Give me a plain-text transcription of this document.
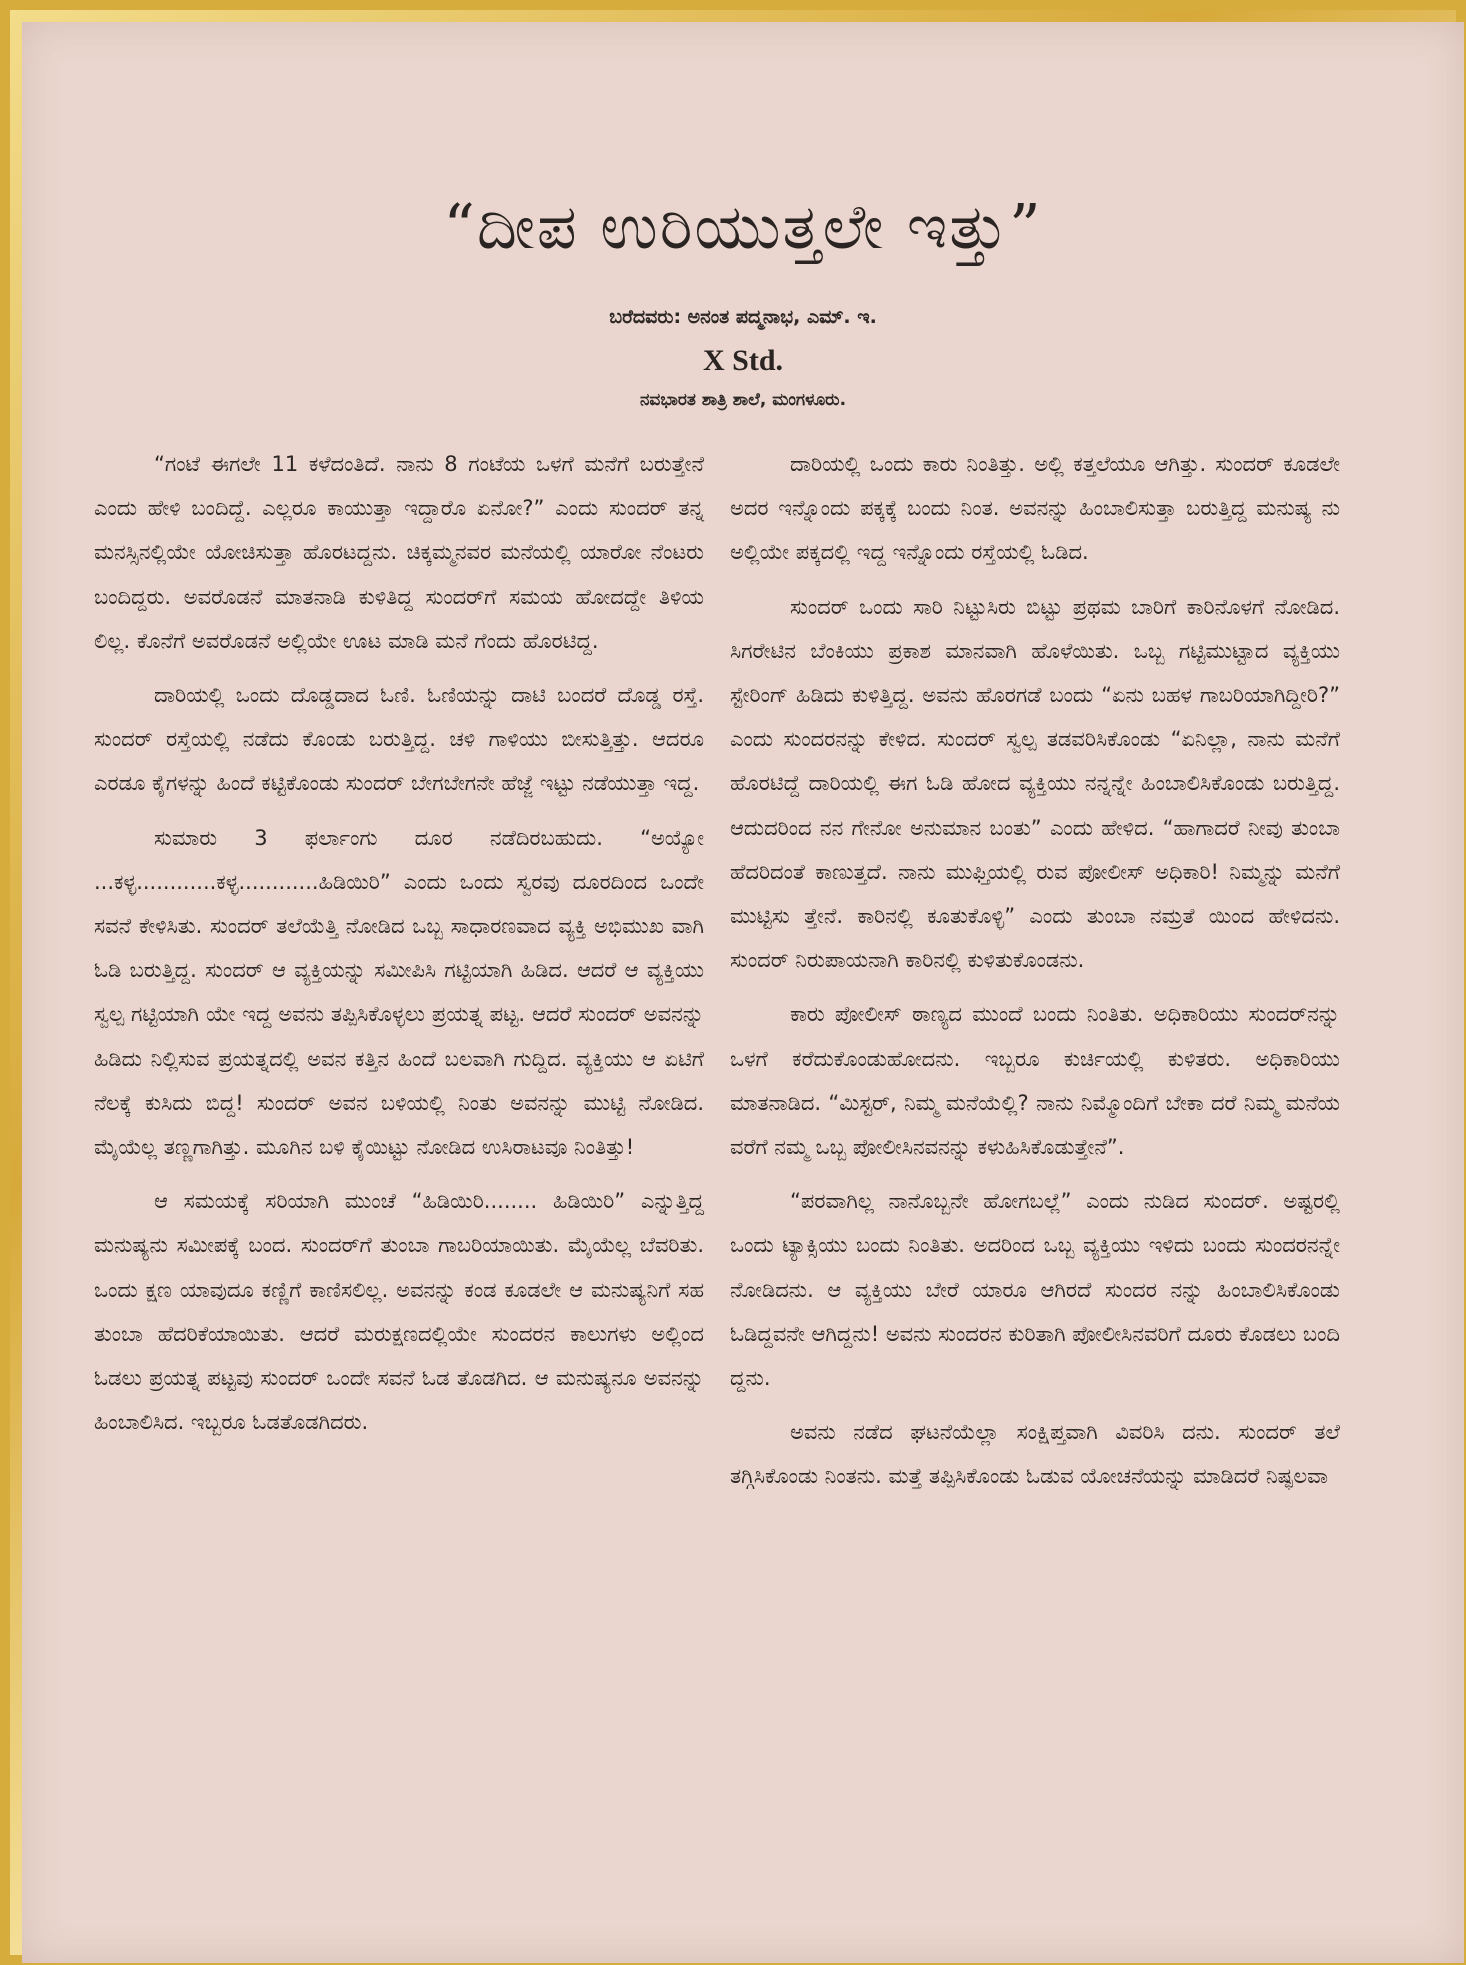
“ದೀಪ ಉರಿಯುತ್ತಲೇ ಇತ್ತು”
ಬರೆದವರು: ಅನಂತ ಪದ್ಮನಾಭ, ಎಮ್. ಇ.
X Std.
ನವಭಾರತ ಶಾತ್ರಿ ಶಾಲೆ, ಮಂಗಳೂರು.

“ಗಂಟೆ ಈಗಲೇ 11 ಕಳೆದಂತಿದೆ. ನಾನು 8 ಗಂಟೆಯ ಒಳಗೆ ಮನೆಗೆ ಬರುತ್ತೇನೆ ಎಂದು ಹೇಳಿ ಬಂದಿದ್ದೆ. ಎಲ್ಲರೂ ಕಾಯುತ್ತಾ ಇದ್ದಾರೊ ಏನೋ?” ಎಂದು ಸುಂದರ್ ತನ್ನ ಮನಸ್ಸಿನಲ್ಲಿಯೇ ಯೋಚಿಸುತ್ತಾ ಹೊರಟದ್ದನು. ಚಿಕ್ಕಮ್ಮನವರ ಮನೆಯಲ್ಲಿ ಯಾರೋ ನೆಂಟರು ಬಂದಿದ್ದರು. ಅವರೊಡನೆ ಮಾತನಾಡಿ ಕುಳಿತಿದ್ದ ಸುಂದರ್‌ಗೆ ಸಮಯ ಹೋದದ್ದೇ ತಿಳಿಯ ಲಿಲ್ಲ. ಕೊನೆಗೆ ಅವರೊಡನೆ ಅಲ್ಲಿಯೇ ಊಟ ಮಾಡಿ ಮನೆ ಗೆಂದು ಹೊರಟಿದ್ದ.

ದಾರಿಯಲ್ಲಿ ಒಂದು ದೊಡ್ಡದಾದ ಓಣಿ. ಓಣಿಯನ್ನು ದಾಟಿ ಬಂದರೆ ದೊಡ್ಡ ರಸ್ತೆ. ಸುಂದರ್ ರಸ್ತೆಯಲ್ಲಿ ನಡೆದು ಕೊಂಡು ಬರುತ್ತಿದ್ದ. ಚಳಿ ಗಾಳಿಯು ಬೀಸುತ್ತಿತ್ತು. ಆದರೂ ಎರಡೂ ಕೈಗಳನ್ನು ಹಿಂದೆ ಕಟ್ಟಿಕೊಂಡು ಸುಂದರ್ ಬೇಗಬೇಗನೇ ಹೆಜ್ಜೆ ಇಟ್ಟು ನಡೆಯುತ್ತಾ ಇದ್ದ.

ಸುಮಾರು 3 ಫರ್ಲಾಂಗು ದೂರ ನಡೆದಿರಬಹುದು. “ಅಯ್ಯೋ ...ಕಳ್ಳ............ಕಳ್ಳ............ಹಿಡಿಯಿರಿ” ಎಂದು ಒಂದು ಸ್ವರವು ದೂರದಿಂದ ಒಂದೇ ಸವನೆ ಕೇಳಿಸಿತು. ಸುಂದರ್ ತಲೆಯೆತ್ತಿ ನೋಡಿದ ಒಬ್ಬ ಸಾಧಾರಣವಾದ ವ್ಯಕ್ತಿ ಅಭಿಮುಖ ವಾಗಿ ಓಡಿ ಬರುತ್ತಿದ್ದ. ಸುಂದರ್ ಆ ವ್ಯಕ್ತಿಯನ್ನು ಸಮೀಪಿಸಿ ಗಟ್ಟಿಯಾಗಿ ಹಿಡಿದ. ಆದರೆ ಆ ವ್ಯಕ್ತಿಯು ಸ್ವಲ್ಪ ಗಟ್ಟಿಯಾಗಿ ಯೇ ಇದ್ದ ಅವನು ತಪ್ಪಿಸಿಕೊಳ್ಳಲು ಪ್ರಯತ್ನ ಪಟ್ಟ. ಆದರೆ ಸುಂದರ್ ಅವನನ್ನು ಹಿಡಿದು ನಿಲ್ಲಿಸುವ ಪ್ರಯತ್ನದಲ್ಲಿ ಅವನ ಕತ್ತಿನ ಹಿಂದೆ ಬಲವಾಗಿ ಗುದ್ದಿದ. ವ್ಯಕ್ತಿಯು ಆ ಏಟಿಗೆ ನೆಲಕ್ಕೆ ಕುಸಿದು ಬಿದ್ದ! ಸುಂದರ್ ಅವನ ಬಳಿಯಲ್ಲಿ ನಿಂತು ಅವನನ್ನು ಮುಟ್ಟಿ ನೋಡಿದ. ಮೈಯೆಲ್ಲ ತಣ್ಣಗಾಗಿತ್ತು. ಮೂಗಿನ ಬಳಿ ಕೈಯಿಟ್ಟು ನೋಡಿದ ಉಸಿರಾಟವೂ ನಿಂತಿತ್ತು!

ಆ ಸಮಯಕ್ಕೆ ಸರಿಯಾಗಿ ಮುಂಚೆ “ಹಿಡಿಯಿರಿ........ ಹಿಡಿಯಿರಿ” ಎನ್ನುತ್ತಿದ್ದ ಮನುಷ್ಯನು ಸಮೀಪಕ್ಕೆ ಬಂದ. ಸುಂದರ್‌ಗೆ ತುಂಬಾ ಗಾಬರಿಯಾಯಿತು. ಮೈಯೆಲ್ಲ ಬೆವರಿತು. ಒಂದು ಕ್ಷಣ ಯಾವುದೂ ಕಣ್ಣಿಗೆ ಕಾಣಿಸಲಿಲ್ಲ. ಅವನನ್ನು ಕಂಡ ಕೂಡಲೇ ಆ ಮನುಷ್ಯನಿಗೆ ಸಹ ತುಂಬಾ ಹೆದರಿಕೆಯಾಯಿತು. ಆದರೆ ಮರುಕ್ಷಣದಲ್ಲಿಯೇ ಸುಂದರನ ಕಾಲುಗಳು ಅಲ್ಲಿಂದ ಓಡಲು ಪ್ರಯತ್ನ ಪಟ್ಟವು ಸುಂದರ್ ಒಂದೇ ಸವನೆ ಓಡ ತೊಡಗಿದ. ಆ ಮನುಷ್ಯನೂ ಅವನನ್ನು ಹಿಂಬಾಲಿಸಿದ. ಇಬ್ಬರೂ ಓಡತೊಡಗಿದರು.

ದಾರಿಯಲ್ಲಿ ಒಂದು ಕಾರು ನಿಂತಿತ್ತು. ಅಲ್ಲಿ ಕತ್ತಲೆಯೂ ಆಗಿತ್ತು. ಸುಂದರ್ ಕೂಡಲೇ ಅದರ ಇನ್ನೊಂದು ಪಕ್ಕಕ್ಕೆ ಬಂದು ನಿಂತ. ಅವನನ್ನು ಹಿಂಬಾಲಿಸುತ್ತಾ ಬರುತ್ತಿದ್ದ ಮನುಷ್ಯ ನು ಅಲ್ಲಿಯೇ ಪಕ್ಕದಲ್ಲಿ ಇದ್ದ ಇನ್ನೊಂದು ರಸ್ತೆಯಲ್ಲಿ ಓಡಿದ.

ಸುಂದರ್ ಒಂದು ಸಾರಿ ನಿಟ್ಟುಸಿರು ಬಿಟ್ಟು ಪ್ರಥಮ ಬಾರಿಗೆ ಕಾರಿನೊಳಗೆ ನೋಡಿದ. ಸಿಗರೇಟಿನ ಬೆಂಕಿಯು ಪ್ರಕಾಶ ಮಾನವಾಗಿ ಹೊಳೆಯಿತು. ಒಬ್ಬ ಗಟ್ಟಿಮುಟ್ಟಾದ ವ್ಯಕ್ತಿಯು ಸ್ಟೇರಿಂಗ್ ಹಿಡಿದು ಕುಳಿತ್ತಿದ್ದ. ಅವನು ಹೊರಗಡೆ ಬಂದು “ಏನು ಬಹಳ ಗಾಬರಿಯಾಗಿದ್ದೀರಿ?” ಎಂದು ಸುಂದರನನ್ನು ಕೇಳಿದ. ಸುಂದರ್ ಸ್ವಲ್ಪ ತಡವರಿಸಿಕೊಂಡು “ಏನಿಲ್ಲಾ, ನಾನು ಮನೆಗೆ ಹೊರಟಿದ್ದೆ ದಾರಿಯಲ್ಲಿ ಈಗ ಓಡಿ ಹೋದ ವ್ಯಕ್ತಿಯು ನನ್ನನ್ನೇ ಹಿಂಬಾಲಿಸಿಕೊಂಡು ಬರುತ್ತಿದ್ದ. ಆದುದರಿಂದ ನನ ಗೇನೋ ಅನುಮಾನ ಬಂತು” ಎಂದು ಹೇಳಿದ. “ಹಾಗಾದರೆ ನೀವು ತುಂಬಾ ಹೆದರಿದಂತೆ ಕಾಣುತ್ತದೆ. ನಾನು ಮುಫ್ತಿಯಲ್ಲಿ ರುವ ಪೋಲೀಸ್ ಅಧಿಕಾರಿ! ನಿಮ್ಮನ್ನು ಮನೆಗೆ ಮುಟ್ಟಿಸು ತ್ತೇನೆ. ಕಾರಿನಲ್ಲಿ ಕೂತುಕೊಳ್ಳಿ” ಎಂದು ತುಂಬಾ ನಮ್ರತೆ ಯಿಂದ ಹೇಳಿದನು. ಸುಂದರ್ ನಿರುಪಾಯನಾಗಿ ಕಾರಿನಲ್ಲಿ ಕುಳಿತುಕೊಂಡನು.

ಕಾರು ಪೋಲೀಸ್ ಠಾಣ್ಯದ ಮುಂದೆ ಬಂದು ನಿಂತಿತು. ಅಧಿಕಾರಿಯು ಸುಂದರ್‌ನನ್ನು ಒಳಗೆ ಕರೆದುಕೊಂಡುಹೋದನು. ಇಬ್ಬರೂ ಕುರ್ಚಿಯಲ್ಲಿ ಕುಳಿತರು. ಅಧಿಕಾರಿಯು ಮಾತನಾಡಿದ. “ಮಿಸ್ಟರ್, ನಿಮ್ಮ ಮನೆಯೆಲ್ಲಿ? ನಾನು ನಿಮ್ಮೊಂದಿಗೆ ಬೇಕಾ ದರೆ ನಿಮ್ಮ ಮನೆಯ ವರೆಗೆ ನಮ್ಮ ಒಬ್ಬ ಪೋಲೀಸಿನವನನ್ನು ಕಳುಹಿಸಿಕೊಡುತ್ತೇನೆ”.

“ಪರವಾಗಿಲ್ಲ ನಾನೊಬ್ಬನೇ ಹೋಗಬಲ್ಲೆ” ಎಂದು ನುಡಿದ ಸುಂದರ್. ಅಷ್ಟರಲ್ಲಿ ಒಂದು ಟ್ಯಾಕ್ಸಿಯು ಬಂದು ನಿಂತಿತು. ಅದರಿಂದ ಒಬ್ಬ ವ್ಯಕ್ತಿಯು ಇಳಿದು ಬಂದು ಸುಂದರನನ್ನೇ ನೋಡಿದನು. ಆ ವ್ಯಕ್ತಿಯು ಬೇರೆ ಯಾರೂ ಆಗಿರದೆ ಸುಂದರ ನನ್ನು ಹಿಂಬಾಲಿಸಿಕೊಂಡು ಓಡಿದ್ದವನೇ ಆಗಿದ್ದನು! ಅವನು ಸುಂದರನ ಕುರಿತಾಗಿ ಪೋಲೀಸಿನವರಿಗೆ ದೂರು ಕೊಡಲು ಬಂದಿ ದ್ದನು.

ಅವನು ನಡೆದ ಘಟನೆಯೆಲ್ಲಾ ಸಂಕ್ಷಿಪ್ತವಾಗಿ ವಿವರಿಸಿ ದನು. ಸುಂದರ್ ತಲೆ ತಗ್ಗಿಸಿಕೊಂಡು ನಿಂತನು. ಮತ್ತೆ ತಪ್ಪಿಸಿಕೊಂಡು ಓಡುವ ಯೋಚನೆಯನ್ನು ಮಾಡಿದರೆ ನಿಷ್ಫಲವಾ
